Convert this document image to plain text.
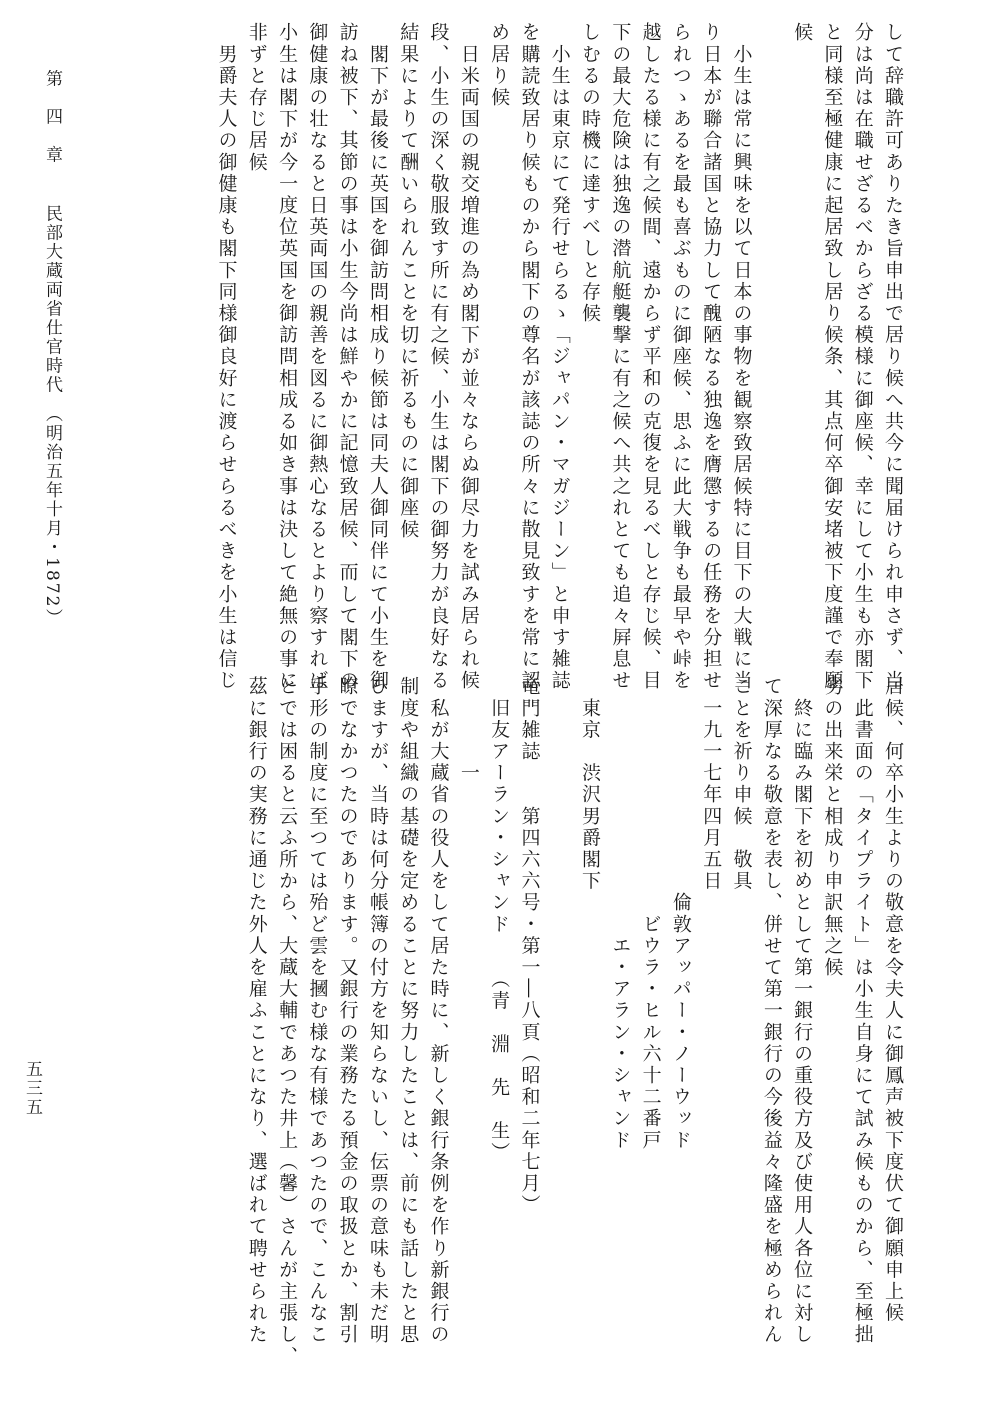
して辞職許可ありたき旨申出で居り候へ共今に聞届けられ申さず、当

分は尚は在職せざるべからざる模様に御座候、幸にして小生も亦閣下

と同様至極健康に起居致し居り候条、其点何卒御安堵被下度謹で奉願

候

　小生は常に興味を以て日本の事物を観察致居候特に目下の大戦に当

り日本が聯合諸国と協力して醜陋なる独逸を膺懲するの任務を分担せ

られつゝあるを最も喜ぶものに御座候、思ふに此大戦争も最早や峠を

越したる様に有之候間、遠からず平和の克復を見るべしと存じ候、目

下の最大危険は独逸の潜航艇襲撃に有之候へ共之れとても追々屛息せ

しむるの時機に達すべしと存候

　小生は東京にて発行せらるゝ「ジャパン・マガジーン」と申す雑誌

を購読致居り候ものから閣下の尊名が該誌の所々に散見致すを常に認

め居り候

　日米両国の親交増進の為め閣下が並々ならぬ御尽力を試み居られ候

段、小生の深く敬服致す所に有之候、小生は閣下の御努力が良好なる

結果によりて酬いられんことを切に祈るものに御座候

　閣下が最後に英国を御訪問相成り候節は同夫人御同伴にて小生を御

訪ね被下、其節の事は小生今尚は鮮やかに記憶致居候、而して閣下の

御健康の壮なると日英両国の親善を図るに御熱心なるとより察すれば

小生は閣下が今一度位英国を御訪問相成る如き事は決して絶無の事に

非ずと存じ居候

　男爵夫人の御健康も閣下同様御良好に渡らせらるべきを小生は信じ

居候、何卒小生よりの敬意を令夫人に御鳳声被下度伏て御願申上候

　此書面の「タイプライト」は小生自身にて試み候ものから、至極拙

劣の出来栄と相成り申訳無之候

　終に臨み閣下を初めとして第一銀行の重役方及び使用人各位に対し

て深厚なる敬意を表し、併せて第一銀行の今後益々隆盛を極められん

ことを祈り申候　敬具

　一九一七年四月五日

　　　　　　　　　　倫敦アッパー・ノーウッド

　　　　　　　　　　　ビウラ・ヒル六十二番戸

　　　　　　　　　　　　エ・アラン・シャンド

　東京　渋沢男爵閣下

竜門雑誌　　第四六六号・第一―八頁（昭和二年七月）

　旧友アーラン・シャンド　　（青　淵　先　生）

　　　　一

　私が大蔵省の役人をして居た時に、新しく銀行条例を作り新銀行の

制度や組織の基礎を定めることに努力したことは、前にも話したと思

ひますが、当時は何分帳簿の付方を知らないし、伝票の意味も未だ明

瞭でなかつたのであります。又銀行の業務たる預金の取扱とか、割引

手形の制度に至つては殆ど雲を摑む様な有様であつたので、こんなこ

とでは困ると云ふ所から、大蔵大輔であつた井上（馨）さんが主張し、

茲に銀行の実務に通じた外人を雇ふことになり、選ばれて聘せられた

第　四　章民部大蔵両省仕官時代　（明治五年十月・1872）

五三五
